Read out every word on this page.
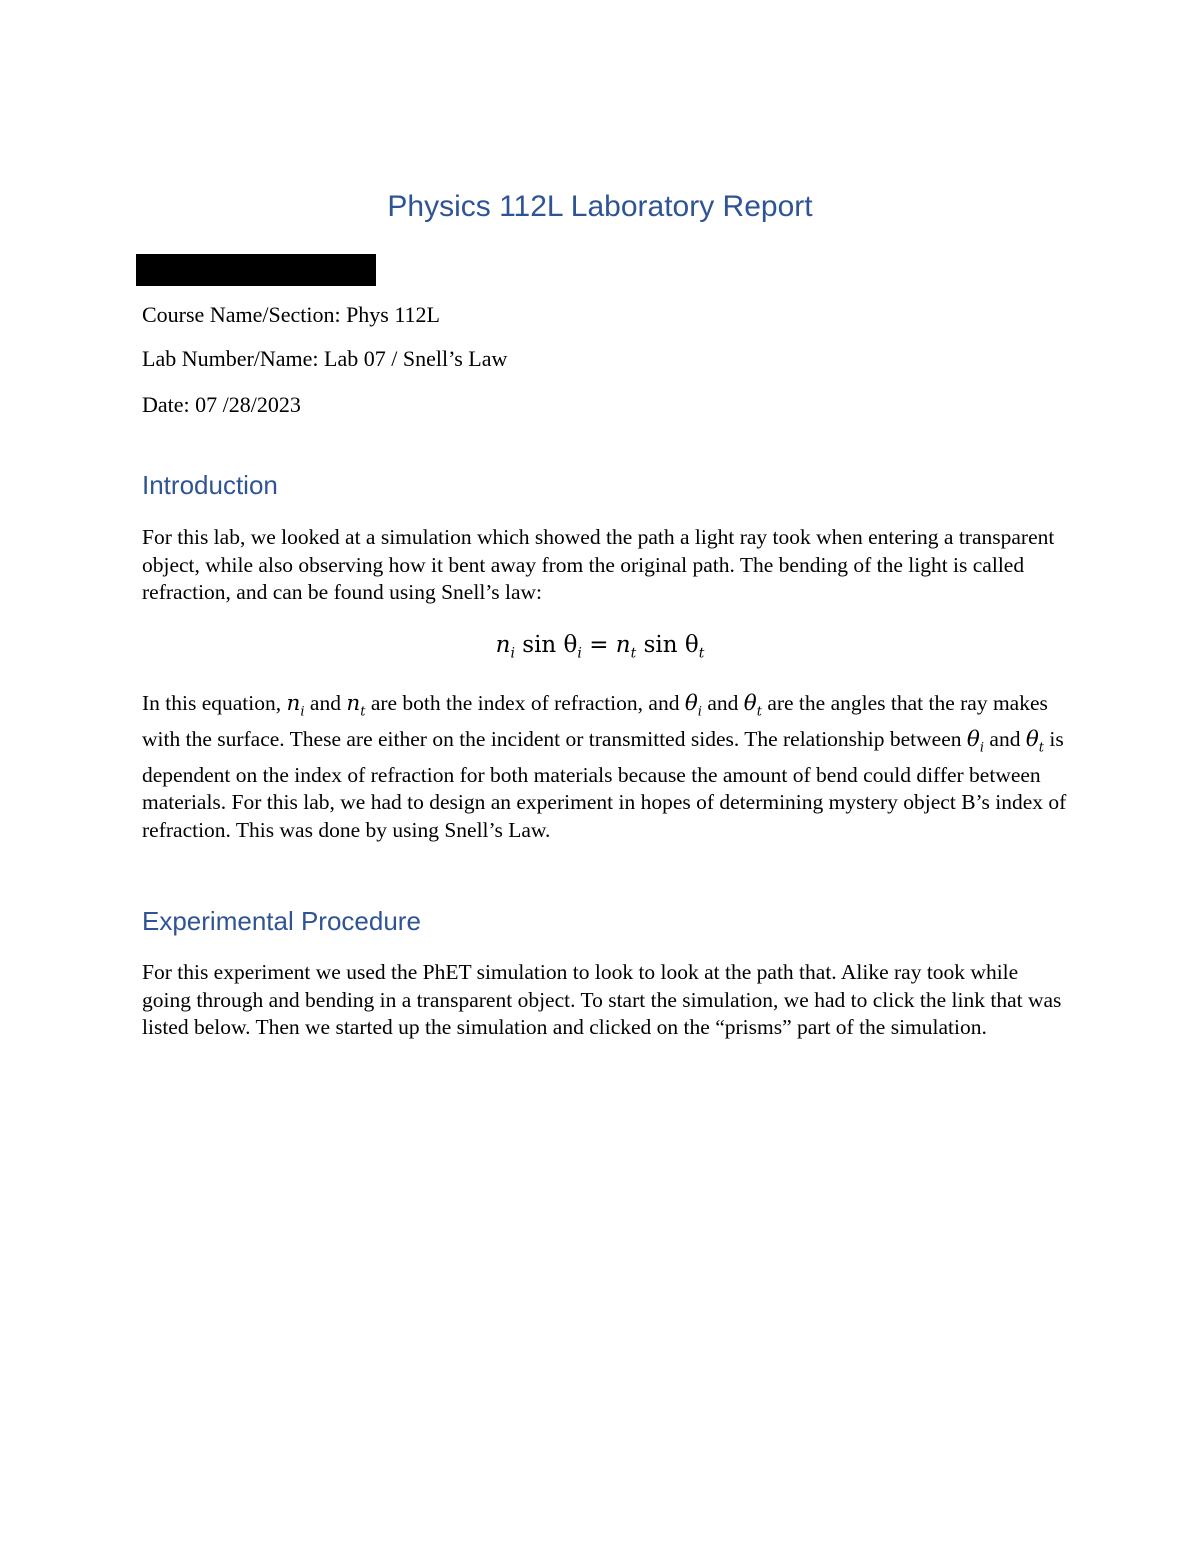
Physics 112L Laboratory Report

Course Name/Section: Phys 112L

Lab Number/Name: Lab 07 / Snell’s Law

Date: 07 /28/2023

Introduction

For this lab, we looked at a simulation which showed the path a light ray took when entering a transparent object, while also observing how it bent away from the original path. The bending of the light is called refraction, and can be found using Snell’s law:

$n_i$ $\sin \theta_i = n_t$ $\sin \theta_t$

In this equation, $n_i$ and $n_t$ are both the index of refraction, and $\theta_i$ and $\theta_t$ are the angles that the ray makes with the surface. These are either on the incident or transmitted sides. The relationship between $\theta_i$ and $\theta_t$ is dependent on the index of refraction for both materials because the amount of bend could differ between materials. For this lab, we had to design an experiment in hopes of determining mystery object B’s index of refraction. This was done by using Snell’s Law.

Experimental Procedure

For this experiment we used the PhET simulation to look to look at the path that. Alike ray took while going through and bending in a transparent object. To start the simulation, we had to click the link that was listed below. Then we started up the simulation and clicked on the “prisms” part of the simulation.
